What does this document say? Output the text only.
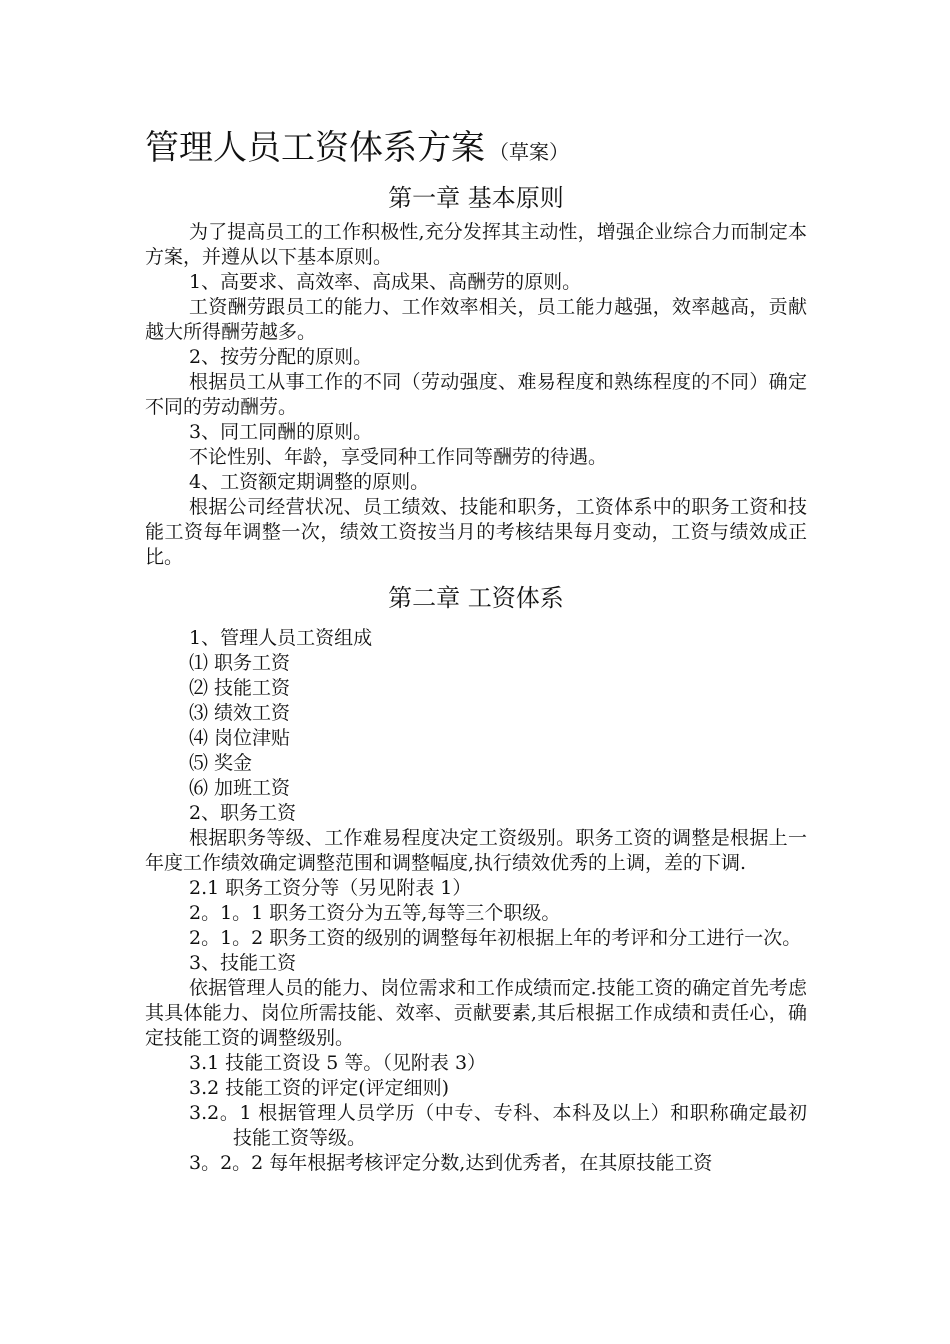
管理人员工资体系方案 （草案）
第一章 基本原则

为了提高员工的工作积极性,充分发挥其主动性，增强企业综合力而制定本方案，并遵从以下基本原则。

1、高要求、高效率、高成果、高酬劳的原则。

工资酬劳跟员工的能力、工作效率相关，员工能力越强，效率越高，贡献越大所得酬劳越多。

2、按劳分配的原则。

根据员工从事工作的不同（劳动强度、难易程度和熟练程度的不同）确定不同的劳动酬劳。

3、同工同酬的原则。

不论性别、年龄，享受同种工作同等酬劳的待遇。

4、工资额定期调整的原则。

根据公司经营状况、员工绩效、技能和职务，工资体系中的职务工资和技能工资每年调整一次，绩效工资按当月的考核结果每月变动，工资与绩效成正比。

第二章 工资体系

1、管理人员工资组成

⑴ 职务工资

⑵ 技能工资

⑶ 绩效工资

⑷ 岗位津贴

⑸ 奖金

⑹ 加班工资

2、职务工资

根据职务等级、工作难易程度决定工资级别。职务工资的调整是根据上一年度工作绩效确定调整范围和调整幅度,执行绩效优秀的上调，差的下调.

2.1 职务工资分等（另见附表 1）

2。1。1 职务工资分为五等,每等三个职级。

2。1。2 职务工资的级别的调整每年初根据上年的考评和分工进行一次。

3、技能工资

依据管理人员的能力、岗位需求和工作成绩而定.技能工资的确定首先考虑其具体能力、岗位所需技能、效率、贡献要素,其后根据工作成绩和责任心，确定技能工资的调整级别。

3.1 技能工资设 5 等。（见附表 3）

3.2 技能工资的评定(评定细则)

3.2。1 根据管理人员学历（中专、专科、本科及以上）和职称确定最初技能工资等级。

3。2。2 每年根据考核评定分数,达到优秀者，在其原技能工资
